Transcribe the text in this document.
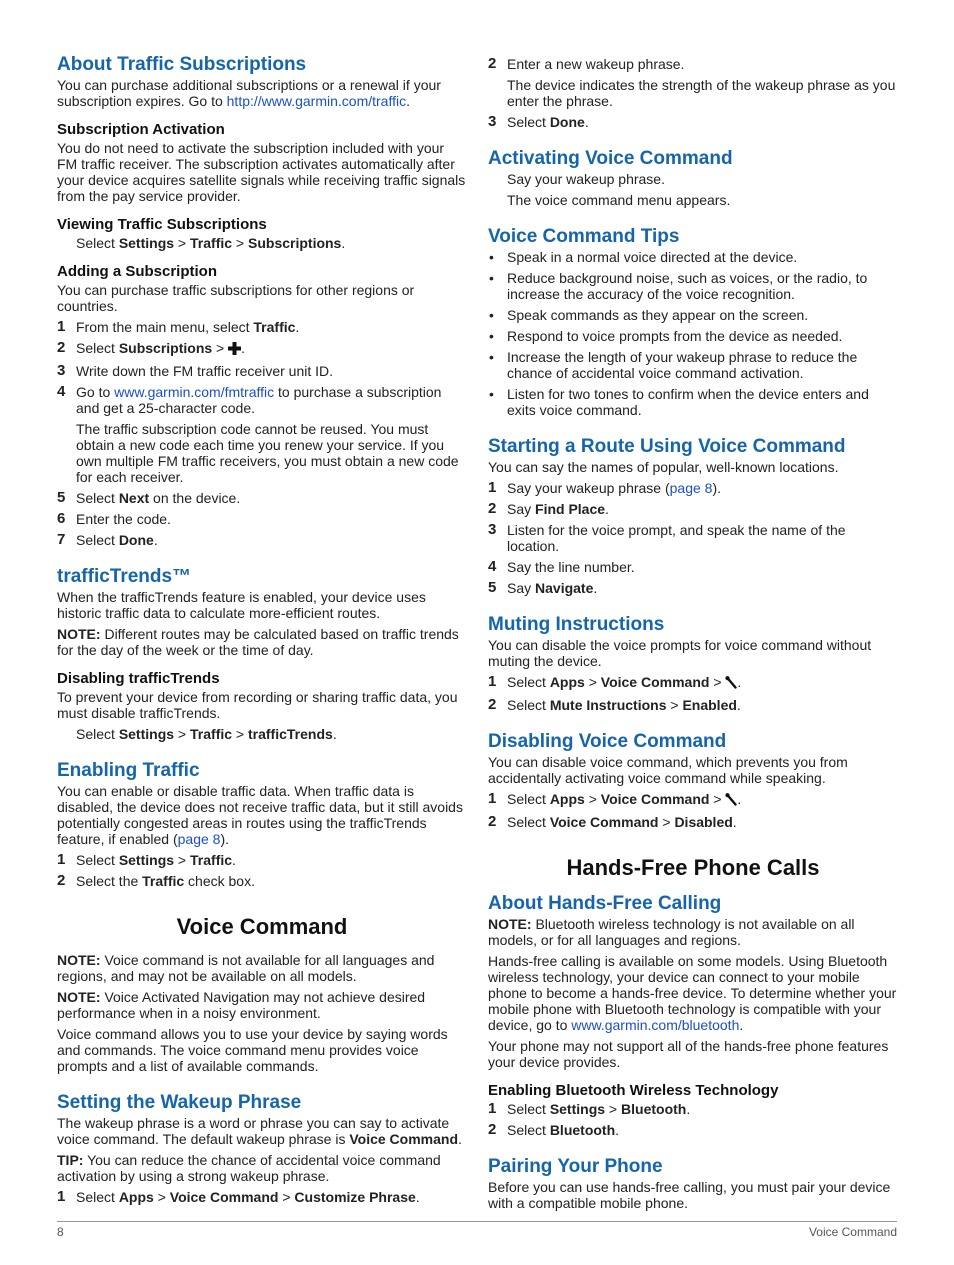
About Traffic Subscriptions

You can purchase additional subscriptions or a renewal if your subscription expires. Go to http://www.garmin.com/traffic.

Subscription Activation

You do not need to activate the subscription included with your FM traffic receiver. The subscription activates automatically after your device acquires satellite signals while receiving traffic signals from the pay service provider.

Viewing Traffic Subscriptions

Select Settings > Traffic > Subscriptions.

Adding a Subscription

You can purchase traffic subscriptions for other regions or countries.

1 From the main menu, select Traffic.
2 Select Subscriptions > .
3 Write down the FM traffic receiver unit ID.
4 Go to www.garmin.com/fmtraffic to purchase a subscription and get a 25-character code.

The traffic subscription code cannot be reused. You must obtain a new code each time you renew your service. If you own multiple FM traffic receivers, you must obtain a new code for each receiver.

5 Select Next on the device.
6 Enter the code.
7 Select Done.
trafficTrends™

When the trafficTrends feature is enabled, your device uses historic traffic data to calculate more-efficient routes.

NOTE: Different routes may be calculated based on traffic trends for the day of the week or the time of day.

Disabling trafficTrends

To prevent your device from recording or sharing traffic data, you must disable trafficTrends.

Select Settings > Traffic > trafficTrends.

Enabling Traffic

You can enable or disable traffic data. When traffic data is disabled, the device does not receive traffic data, but it still avoids potentially congested areas in routes using the trafficTrends feature, if enabled (page 8).

1 Select Settings > Traffic.
2 Select the Traffic check box.
Voice Command

NOTE: Voice command is not available for all languages and regions, and may not be available on all models.

NOTE: Voice Activated Navigation may not achieve desired performance when in a noisy environment.

Voice command allows you to use your device by saying words and commands. The voice command menu provides voice prompts and a list of available commands.

Setting the Wakeup Phrase

The wakeup phrase is a word or phrase you can say to activate voice command. The default wakeup phrase is Voice Command.

TIP: You can reduce the chance of accidental voice command activation by using a strong wakeup phrase.

1 Select Apps > Voice Command > Customize Phrase.
2 Enter a new wakeup phrase.

The device indicates the strength of the wakeup phrase as you enter the phrase.

3 Select Done.
Activating Voice Command

Say your wakeup phrase.

The voice command menu appears.

Voice Command Tips
• Speak in a normal voice directed at the device.
• Reduce background noise, such as voices, or the radio, to increase the accuracy of the voice recognition.
• Speak commands as they appear on the screen.
• Respond to voice prompts from the device as needed.
• Increase the length of your wakeup phrase to reduce the chance of accidental voice command activation.
• Listen for two tones to confirm when the device enters and exits voice command.
Starting a Route Using Voice Command

You can say the names of popular, well-known locations.

1 Say your wakeup phrase (page 8).
2 Say Find Place.
3 Listen for the voice prompt, and speak the name of the location.
4 Say the line number.
5 Say Navigate.
Muting Instructions

You can disable the voice prompts for voice command without muting the device.

1 Select Apps > Voice Command > .
2 Select Mute Instructions > Enabled.
Disabling Voice Command

You can disable voice command, which prevents you from accidentally activating voice command while speaking.

1 Select Apps > Voice Command > .
2 Select Voice Command > Disabled.
Hands-Free Phone Calls
About Hands-Free Calling

NOTE: Bluetooth wireless technology is not available on all models, or for all languages and regions.

Hands-free calling is available on some models. Using Bluetooth wireless technology, your device can connect to your mobile phone to become a hands-free device. To determine whether your mobile phone with Bluetooth technology is compatible with your device, go to www.garmin.com/bluetooth.

Your phone may not support all of the hands-free phone features your device provides.

Enabling Bluetooth Wireless Technology
1 Select Settings > Bluetooth.
2 Select Bluetooth.
Pairing Your Phone

Before you can use hands-free calling, you must pair your device with a compatible mobile phone.

8	Voice Command
